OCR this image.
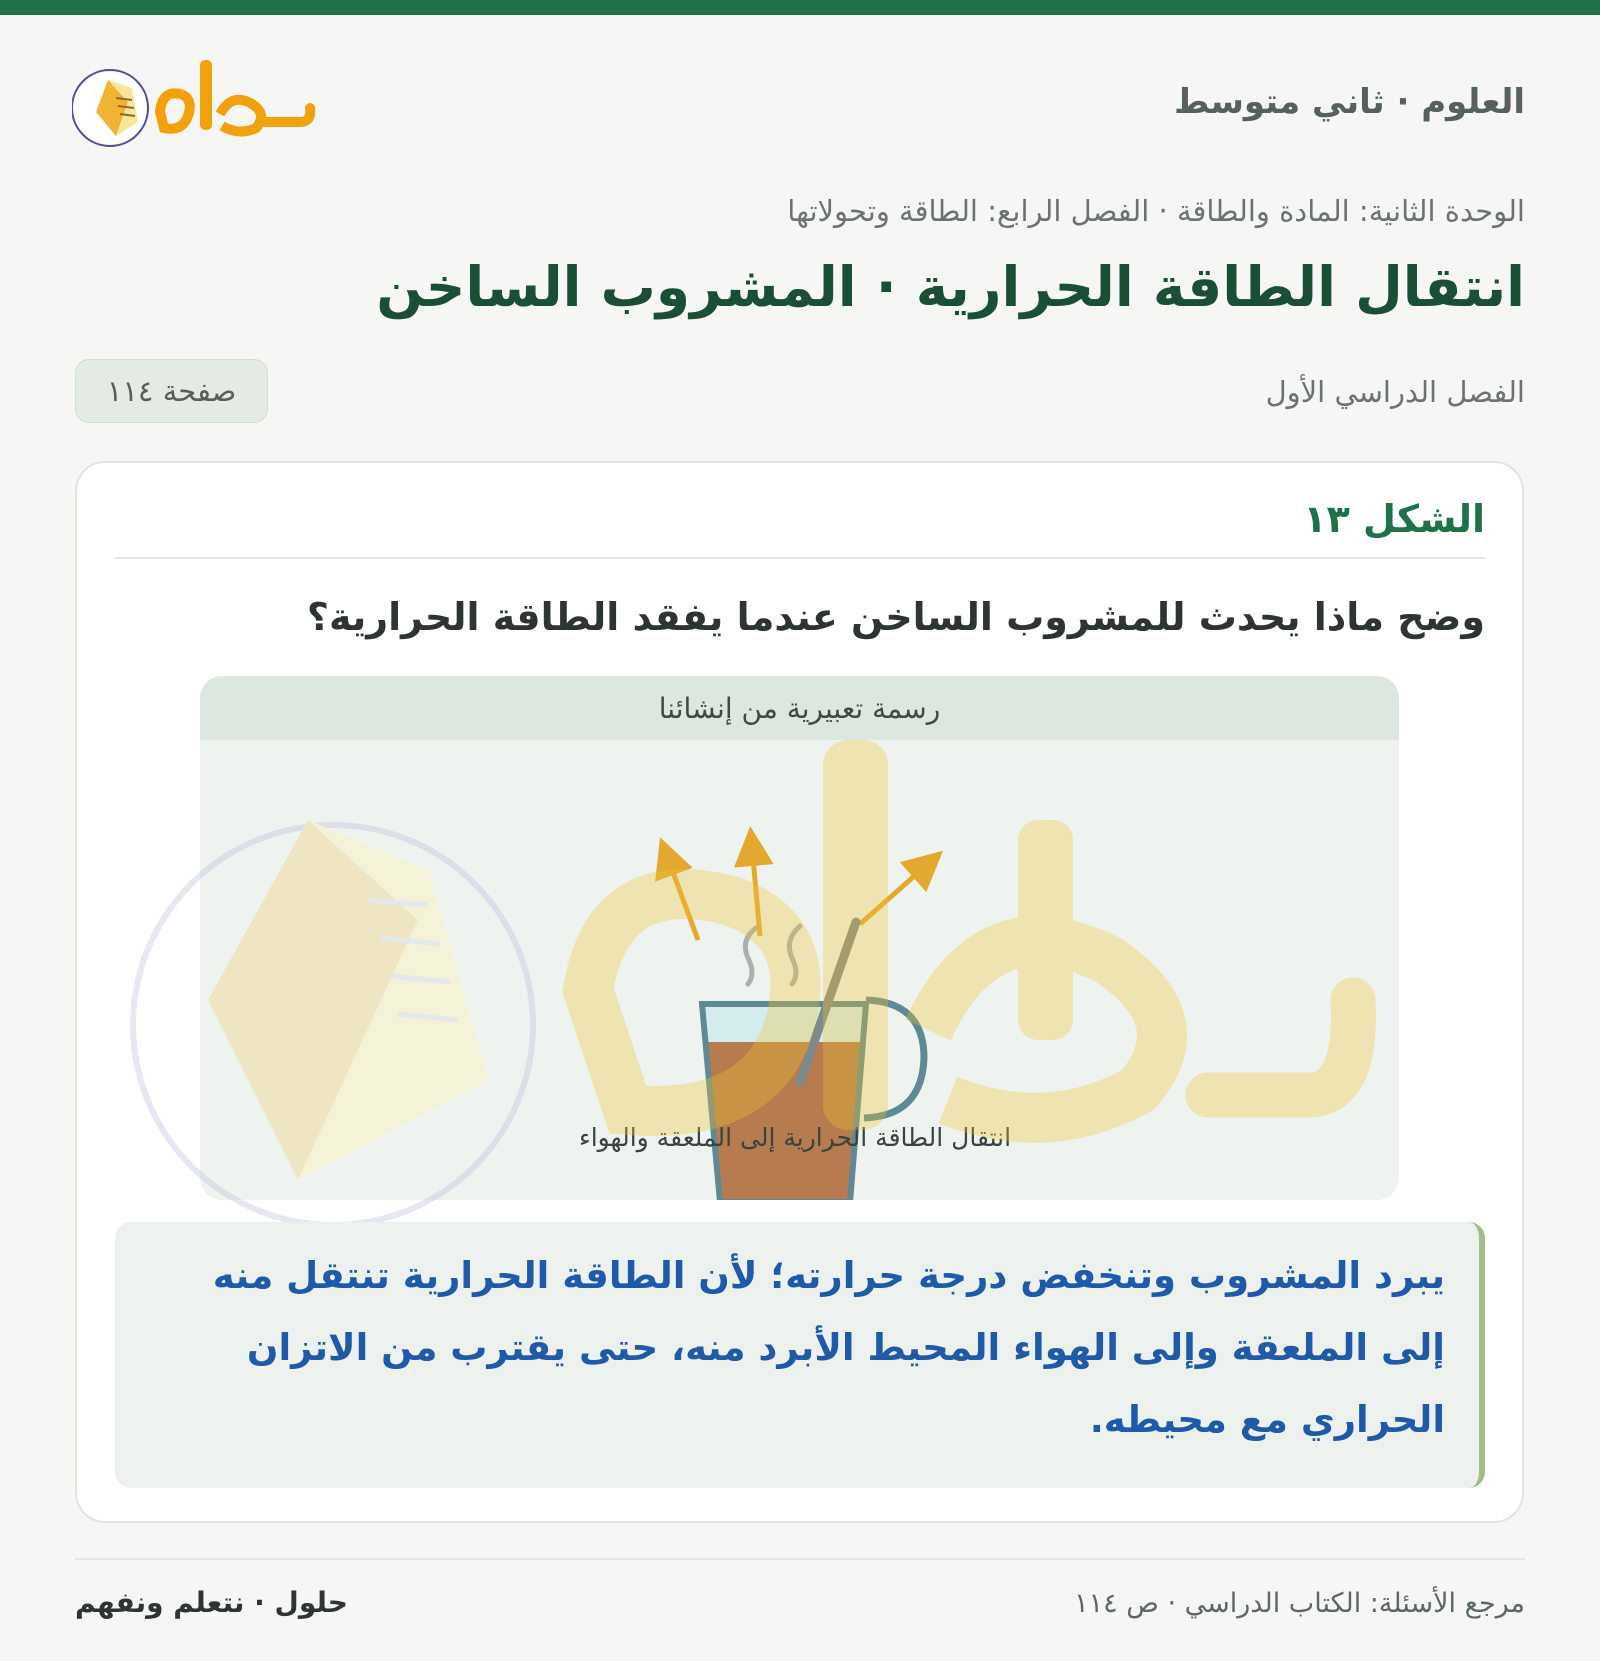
العلوم · ثاني متوسط
الوحدة الثانية: المادة والطاقة · الفصل الرابع: الطاقة وتحولاتها
انتقال الطاقة الحرارية · المشروب الساخن
الفصل الدراسي الأول
صفحة ١١٤
الشكل ١٣
وضح ماذا يحدث للمشروب الساخن عندما يفقد الطاقة الحرارية؟
رسمة تعبيرية من إنشائنا
انتقال الطاقة الحرارية إلى الملعقة والهواء
يبرد المشروب وتنخفض درجة حرارته؛ لأن الطاقة الحرارية تنتقل منه إلى الملعقة وإلى الهواء المحيط الأبرد منه، حتى يقترب من الاتزان الحراري مع محيطه.
مرجع الأسئلة: الكتاب الدراسي · ص ١١٤
حلول · نتعلم ونفهم
